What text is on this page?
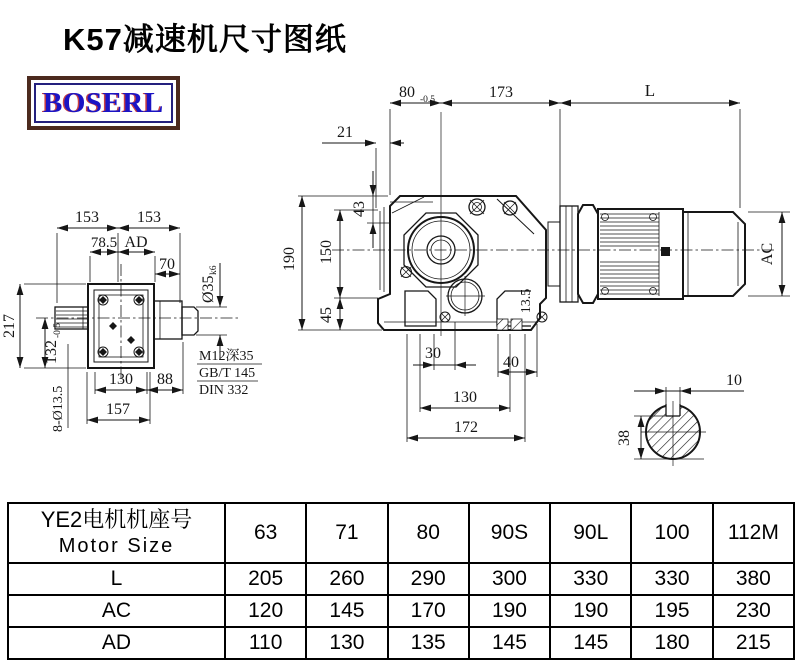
K57减速机尺寸图纸
BOSERL
153 153
78.5 AD
70
217
132
-0.5
8-Ø13.5
130 88
157
Ø35
k6
M12深35
GB/T 145
DIN 332
80 -0.5	173	L
21
190 150
45
43
30
40
130
172
13.5
AC
10
38
YE2电机机座号
Motor Size	63	71	80	90S	90L	100	112M
L	205	260	290	300	330	330	380
AC	120	145	170	190	190	195	230
AD	110	130	135	145	145	180	215
